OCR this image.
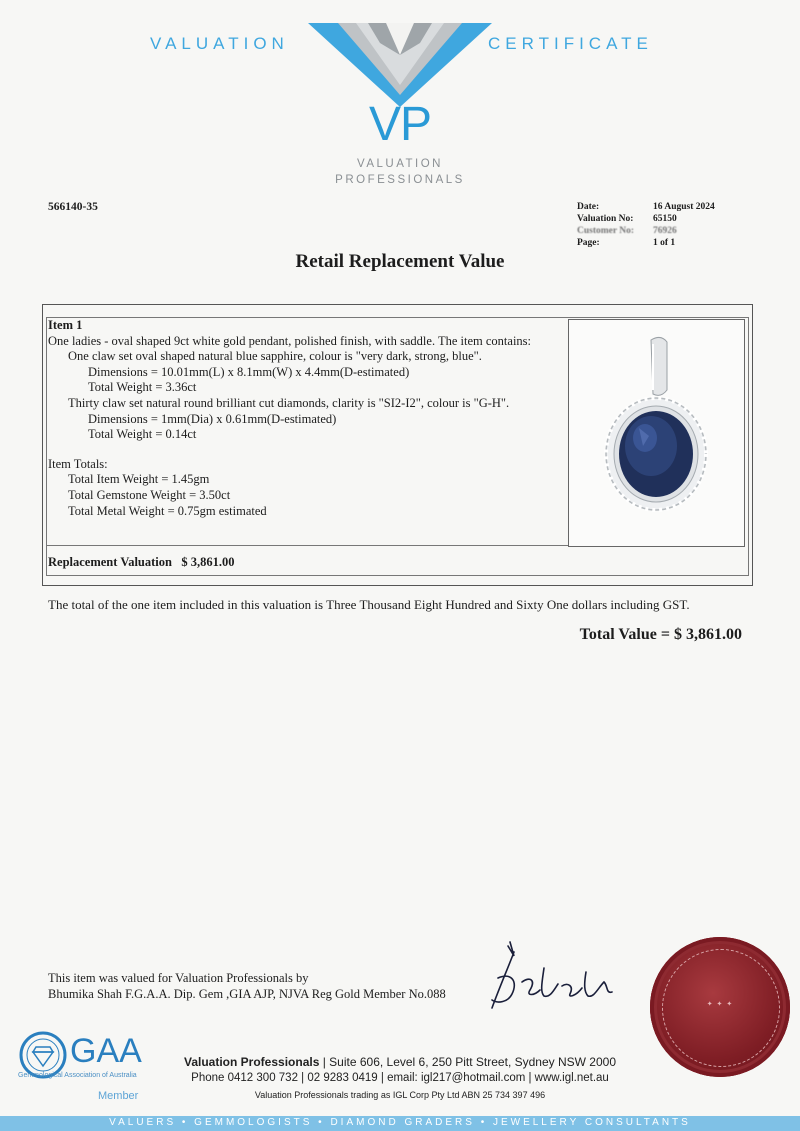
VALUATION	CERTIFICATE
VP
VALUATION
PROFESSIONALS
566140-35	Date:	16 August 2024
Valuation No:	65150
Customer No:	76926
Page:	1 of 1
Retail Replacement Value
Item 1
One ladies - oval shaped 9ct white gold pendant, polished finish, with saddle. The item contains:
One claw set oval shaped natural blue sapphire, colour is "very dark, strong, blue".
Dimensions = 10.01mm(L) x 8.1mm(W) x 4.4mm(D-estimated)
Total Weight = 3.36ct
Thirty claw set natural round brilliant cut diamonds, clarity is "SI2-I2", colour is "G-H".
Dimensions = 1mm(Dia) x 0.61mm(D-estimated)
Total Weight = 0.14ct
Item Totals:
Total Item Weight = 1.45gm
Total Gemstone Weight = 3.50ct
Total Metal Weight = 0.75gm estimated
Replacement Valuation $ 3,861.00
The total of the one item included in this valuation is Three Thousand Eight Hundred and Sixty One dollars including GST.
Total Value = $ 3,861.00
This item was valued for Valuation Professionals by
Bhumika Shah F.G.A.A. Dip. Gem ,GIA AJP, NJVA Reg Gold Member No.088
✦ ✦ ✦
GAA
Gemmological Association of Australia
Member
Valuation Professionals | Suite 606, Level 6, 250 Pitt Street, Sydney NSW 2000
Phone 0412 300 732 | 02 9283 0419 | email: igl217@hotmail.com | www.igl.net.au
Valuation Professionals trading as IGL Corp Pty Ltd ABN 25 734 397 496
VALUERS • GEMMOLOGISTS • DIAMOND GRADERS • JEWELLERY CONSULTANTS
